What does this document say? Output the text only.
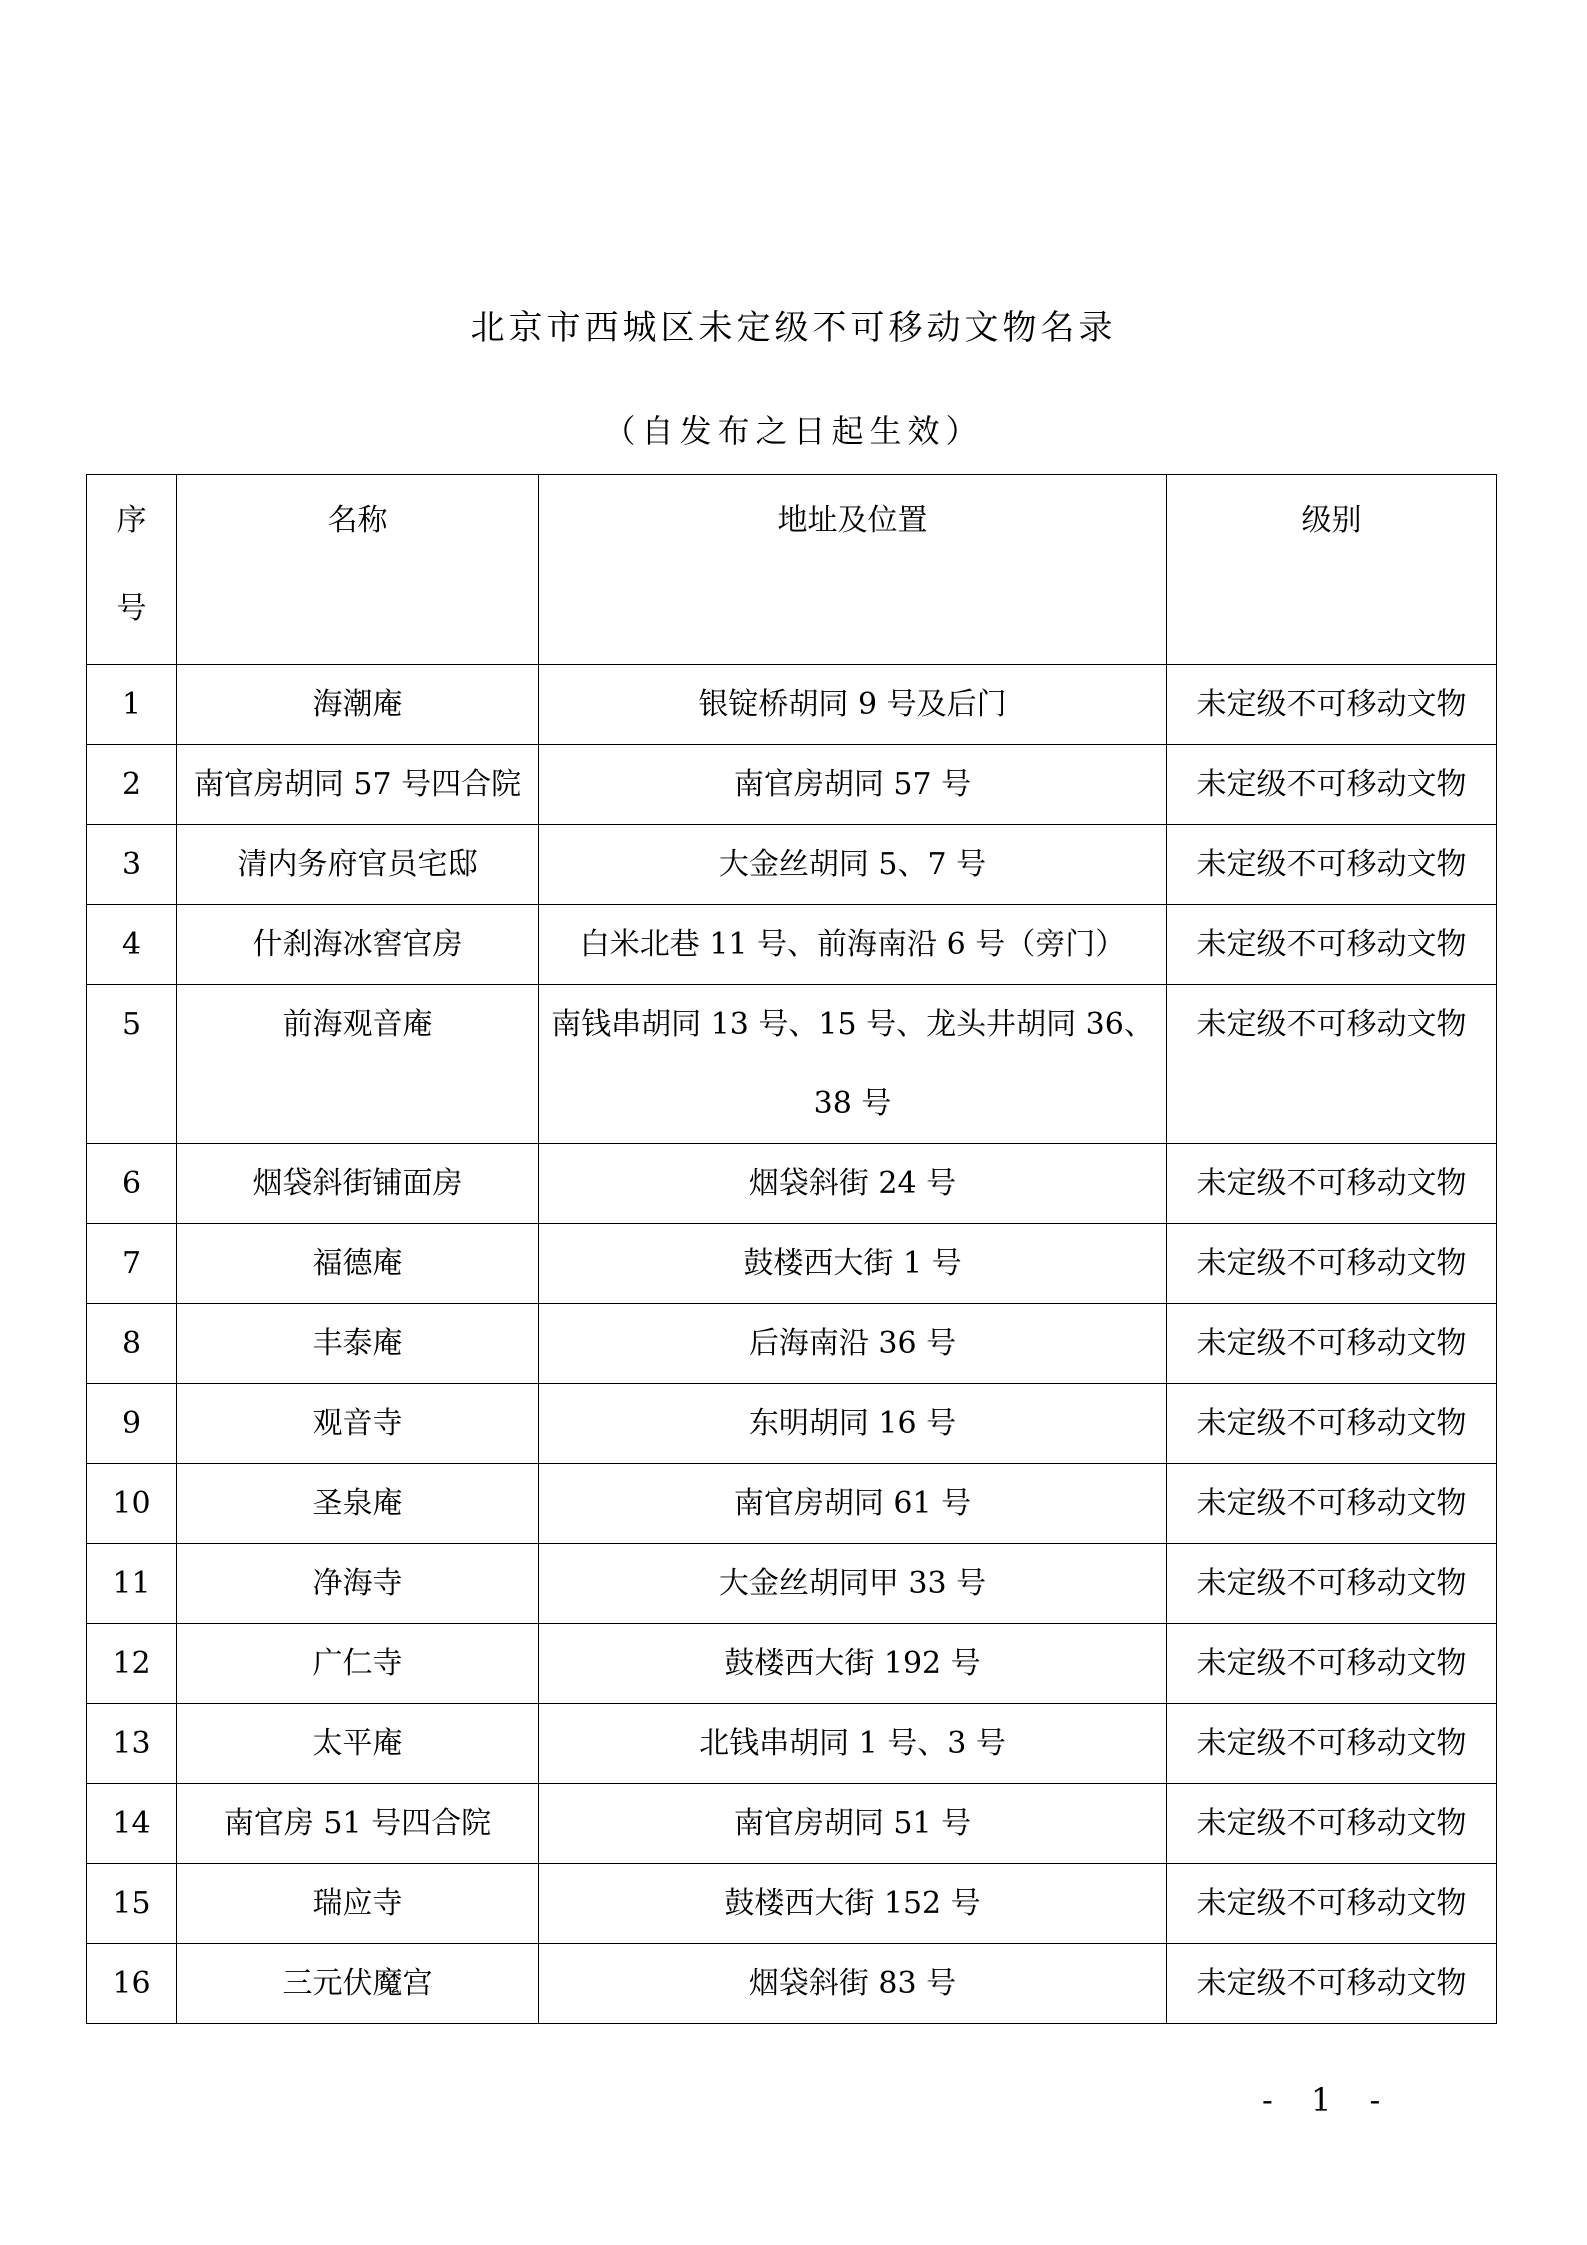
北京市西城区未定级不可移动文物名录
（自发布之日起生效）
序
号	名称	地址及位置	级别
1	海潮庵	银锭桥胡同 9 号及后门	未定级不可移动文物
2	南官房胡同 57 号四合院	南官房胡同 57 号	未定级不可移动文物
3	清内务府官员宅邸	大金丝胡同 5、7 号	未定级不可移动文物
4	什刹海冰窖官房	白米北巷 11 号、前海南沿 6 号（旁门）	未定级不可移动文物
5	前海观音庵	南钱串胡同 13 号、15 号、龙头井胡同 36、38 号	未定级不可移动文物
6	烟袋斜街铺面房	烟袋斜街 24 号	未定级不可移动文物
7	福德庵	鼓楼西大街 1 号	未定级不可移动文物
8	丰泰庵	后海南沿 36 号	未定级不可移动文物
9	观音寺	东明胡同 16 号	未定级不可移动文物
10	圣泉庵	南官房胡同 61 号	未定级不可移动文物
11	净海寺	大金丝胡同甲 33 号	未定级不可移动文物
12	广仁寺	鼓楼西大街 192 号	未定级不可移动文物
13	太平庵	北钱串胡同 1 号、3 号	未定级不可移动文物
14	南官房 51 号四合院	南官房胡同 51 号	未定级不可移动文物
15	瑞应寺	鼓楼西大街 152 号	未定级不可移动文物
16	三元伏魔宫	烟袋斜街 83 号	未定级不可移动文物
- 1 -
